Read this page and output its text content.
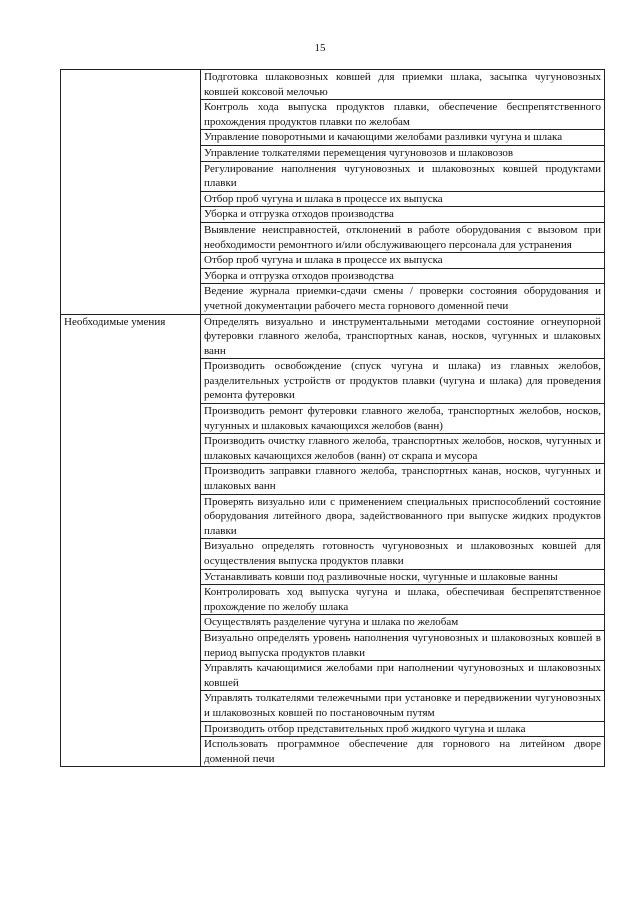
15
	Подготовка шлаковозных ковшей для приемки шлака, засыпка чугуновозных ковшей коксовой мелочью
	Контроль хода выпуска продуктов плавки, обеспечение беспрепятственного прохождения продуктов плавки по желобам
	Управление поворотными и качающими желобами разливки чугуна и шлака
	Управление толкателями перемещения чугуновозов и шлаковозов
	Регулирование наполнения чугуновозных и шлаковозных ковшей продуктами плавки
	Отбор проб чугуна и шлака в процессе их выпуска
	Уборка и отгрузка отходов производства
	Выявление неисправностей, отклонений в работе оборудования с вызовом при необходимости ремонтного и/или обслуживающего персонала для устранения
	Отбор проб чугуна и шлака в процессе их выпуска
	Уборка и отгрузка отходов производства
	Ведение журнала приемки-сдачи смены / проверки состояния оборудования и учетной документации рабочего места горнового доменной печи
Необходимые умения	Определять визуально и инструментальными методами состояние огнеупорной футеровки главного желоба, транспортных канав, носков, чугунных и шлаковых ванн
	Производить освобождение (спуск чугуна и шлака) из главных желобов, разделительных устройств от продуктов плавки (чугуна и шлака) для проведения ремонта футеровки
	Производить ремонт футеровки главного желоба, транспортных желобов, носков, чугунных и шлаковых качающихся желобов (ванн)
	Производить очистку главного желоба, транспортных желобов, носков, чугунных и шлаковых качающихся желобов (ванн) от скрапа и мусора
	Производить заправки главного желоба, транспортных канав, носков, чугунных и шлаковых ванн
	Проверять визуально или с применением специальных приспособлений состояние оборудования литейного двора, задействованного при выпуске жидких продуктов плавки
	Визуально определять готовность чугуновозных и шлаковозных ковшей для осуществления выпуска продуктов плавки
	Устанавливать ковши под разливочные носки, чугунные и шлаковые ванны
	Контролировать ход выпуска чугуна и шлака, обеспечивая беспрепятственное прохождение по желобу шлака
	Осуществлять разделение чугуна и шлака по желобам
	Визуально определять уровень наполнения чугуновозных и шлаковозных ковшей в период выпуска продуктов плавки
	Управлять качающимися желобами при наполнении чугуновозных и шлаковозных ковшей
	Управлять толкателями тележечными при установке и передвижении чугуновозных и шлаковозных ковшей по постановочным путям
	Производить отбор представительных проб жидкого чугуна и шлака
	Использовать программное обеспечение для горнового на литейном дворе доменной печи
